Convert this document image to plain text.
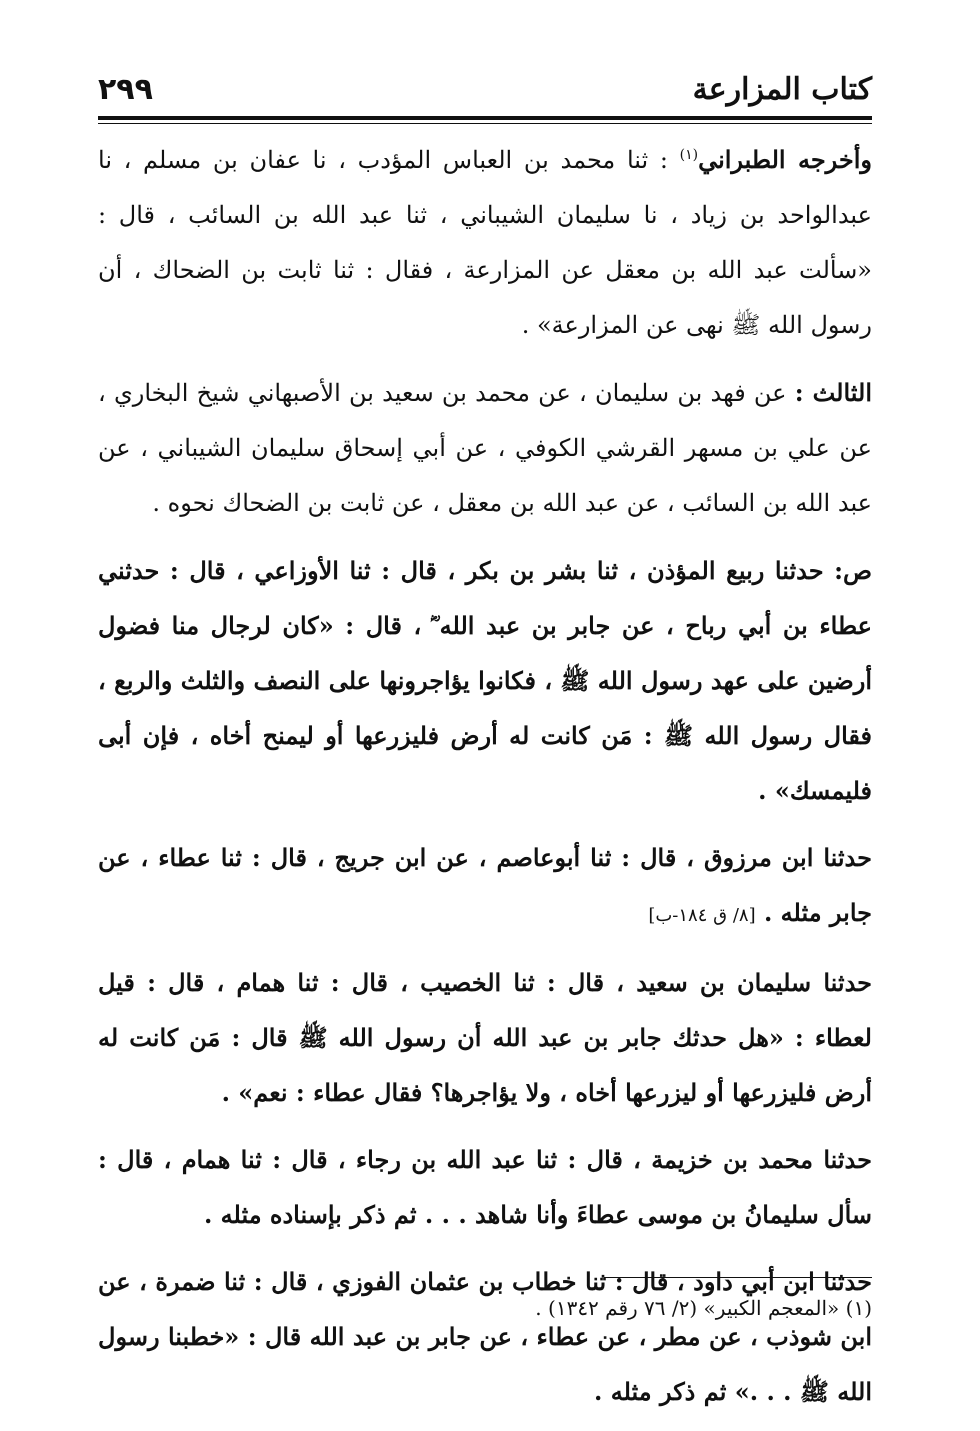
كتاب المزارعة
٢٩٩

وأخرجه الطبراني$^{(١)}$ : ثنا محمد بن العباس المؤدب ، نا عفان بن مسلم ، نا عبدالواحد بن زياد ، نا سليمان الشيباني ، ثنا عبد الله بن السائب ، قال : «سألت عبد الله بن معقل عن المزارعة ، فقال : ثنا ثابت بن الضحاك ، أن رسول الله ﷺ نهى عن المزارعة» .

الثالث : عن فهد بن سليمان ، عن محمد بن سعيد بن الأصبهاني شيخ البخاري ، عن علي بن مسهر القرشي الكوفي ، عن أبي إسحاق سليمان الشيباني ، عن عبد الله بن السائب ، عن عبد الله بن معقل ، عن ثابت بن الضحاك نحوه .

ص: حدثنا ربيع المؤذن ، ثنا بشر بن بكر ، قال : ثنا الأوزاعي ، قال : حدثني عطاء بن أبي رباح ، عن جابر بن عبد الله ؓ ، قال : «كان لرجال منا فضول أرضين على عهد رسول الله ﷺ ، فكانوا يؤاجرونها على النصف والثلث والربع ، فقال رسول الله ﷺ : مَن كانت له أرض فليزرعها أو ليمنح أخاه ، فإن أبى فليمسك» .

حدثنا ابن مرزوق ، قال : ثنا أبوعاصم ، عن ابن جريج ، قال : ثنا عطاء ، عن جابر مثله . [٨/ ق ١٨٤-ب]

حدثنا سليمان بن سعيد ، قال : ثنا الخصيب ، قال : ثنا همام ، قال : قيل لعطاء : «هل حدثك جابر بن عبد الله أن رسول الله ﷺ قال : مَن كانت له أرض فليزرعها أو ليزرعها أخاه ، ولا يؤاجرها؟ فقال عطاء : نعم» .

حدثنا محمد بن خزيمة ، قال : ثنا عبد الله بن رجاء ، قال : ثنا همام ، قال : سأل سليمانُ بن موسى عطاءَ وأنا شاهد . . . ثم ذكر بإسناده مثله .

حدثنا ابن أبي داود ، قال : ثنا خطاب بن عثمان الفوزي ، قال : ثنا ضمرة ، عن ابن شوذب ، عن مطر ، عن عطاء ، عن جابر بن عبد الله قال : «خطبنا رسول الله ﷺ . . .» ثم ذكر مثله .

(١) «المعجم الكبير» (٢/ ٧٦ رقم ١٣٤٢) .
